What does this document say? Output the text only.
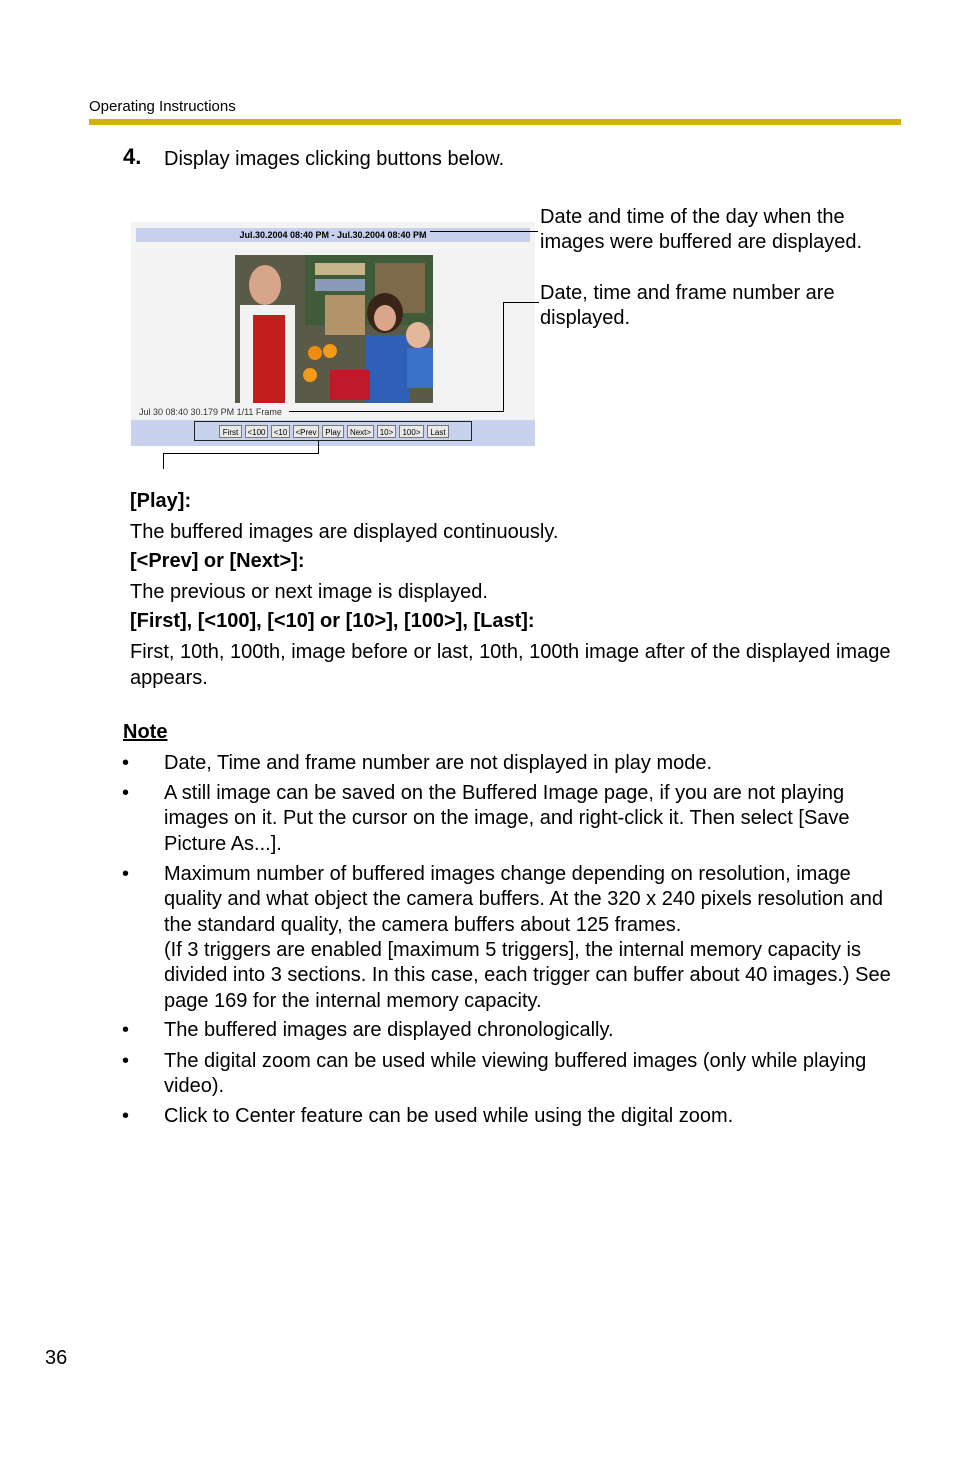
Operating Instructions
4. Display images clicking buttons below.
Jul.30.2004 08:40 PM - Jul.30.2004 08:40 PM
Jul 30 08:40 30.179 PM 1/11 Frame
First	<100	<10	<Prev	Play	Next>	10>	100>	Last
Date and time of the day when the
images were buffered are displayed.
Date, time and frame number are
displayed.
[Play]:
The buffered images are displayed continuously.
[<Prev] or [Next>]:
The previous or next image is displayed.
[First], [<100], [<10] or [10>], [100>], [Last]:
First, 10th, 100th, image before or last, 10th, 100th image after of the displayed image appears.
Note
• Date, Time and frame number are not displayed in play mode.
• A still image can be saved on the Buffered Image page, if you are not playing images on it. Put the cursor on the image, and right-click it. Then select [Save Picture As...].
• Maximum number of buffered images change depending on resolution, image quality and what object the camera buffers. At the 320 x 240 pixels resolution and the standard quality, the camera buffers about 125 frames.
(If 3 triggers are enabled [maximum 5 triggers], the internal memory capacity is divided into 3 sections. In this case, each trigger can buffer about 40 images.) See page 169 for the internal memory capacity.
• The buffered images are displayed chronologically.
• The digital zoom can be used while viewing buffered images (only while playing video).
• Click to Center feature can be used while using the digital zoom.
36
